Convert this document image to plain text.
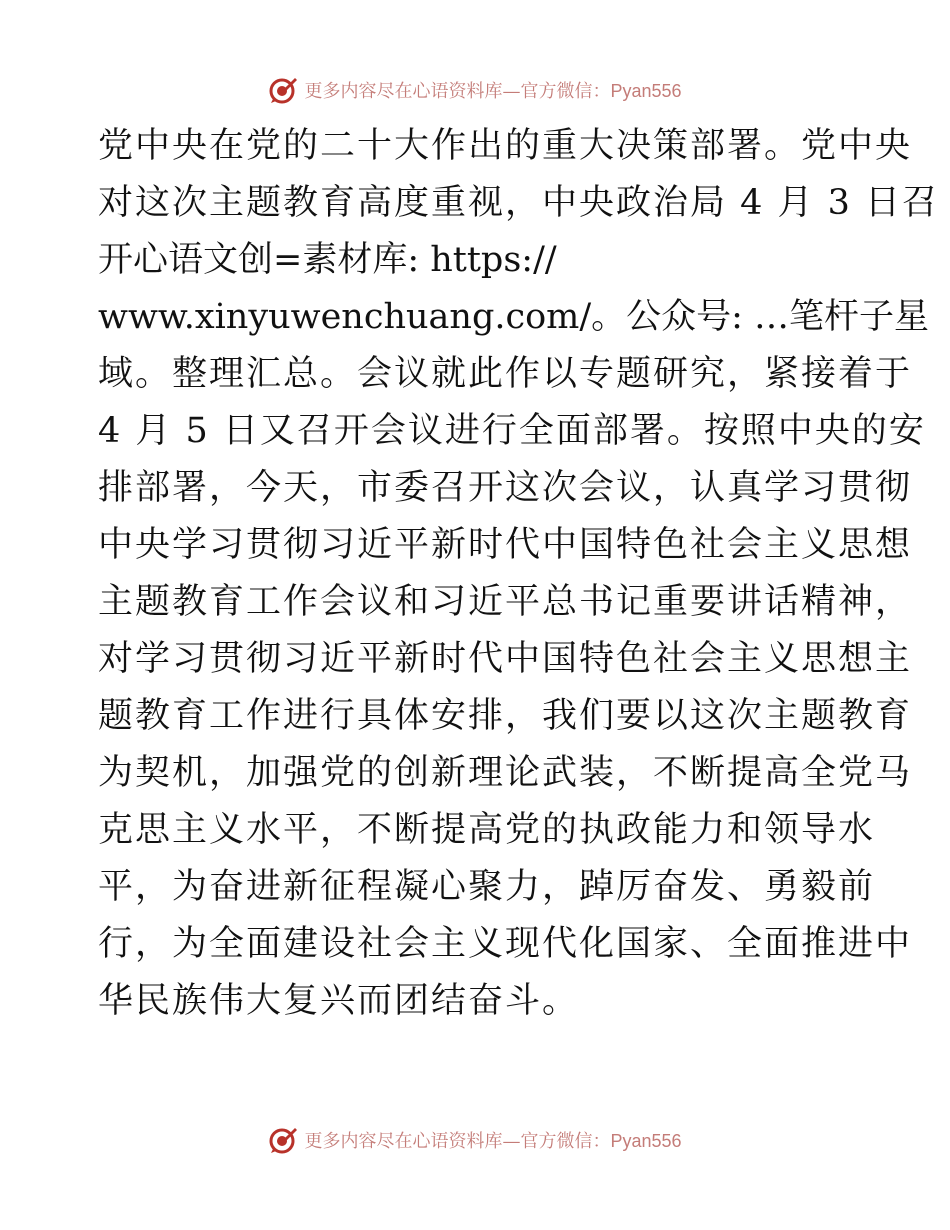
更多内容尽在心语资料库—官方微信：Pyan556
党中央在党的二十大作出的重大决策部署。党中央
对这次主题教育高度重视，中央政治局 4 月 3 日召
开心语文创=素材库: https://
www.xinyuwenchuang.com/。公众号: …笔杆子星
域。整理汇总。会议就此作以专题研究，紧接着于
4 月 5 日又召开会议进行全面部署。按照中央的安
排部署，今天，市委召开这次会议，认真学习贯彻
中央学习贯彻习近平新时代中国特色社会主义思想
主题教育工作会议和习近平总书记重要讲话精神，
对学习贯彻习近平新时代中国特色社会主义思想主
题教育工作进行具体安排，我们要以这次主题教育
为契机，加强党的创新理论武装，不断提高全党马
克思主义水平，不断提高党的执政能力和领导水
平，为奋进新征程凝心聚力，踔厉奋发、勇毅前
行，为全面建设社会主义现代化国家、全面推进中
华民族伟大复兴而团结奋斗。
更多内容尽在心语资料库—官方微信：Pyan556
